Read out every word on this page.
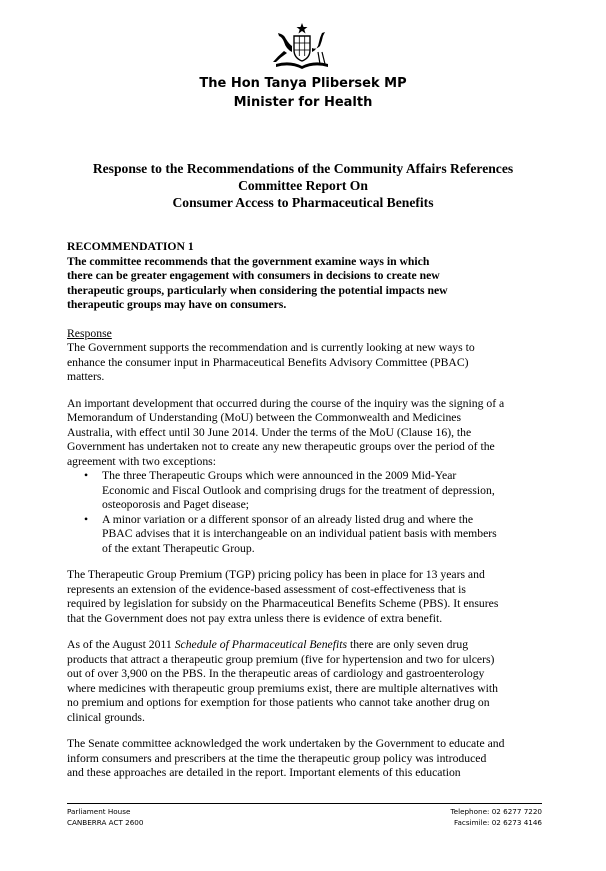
The Hon Tanya Plibersek MP
Minister for Health
Response to the Recommendations of the Community Affairs References
Committee Report On
Consumer Access to Pharmaceutical Benefits

RECOMMENDATION 1

The committee recommends that the government examine ways in which

there can be greater engagement with consumers in decisions to create new

therapeutic groups, particularly when considering the potential impacts new

therapeutic groups may have on consumers.

Response

The Government supports the recommendation and is currently looking at new ways to

enhance the consumer input in Pharmaceutical Benefits Advisory Committee (PBAC)

matters.

An important development that occurred during the course of the inquiry was the signing of a

Memorandum of Understanding (MoU) between the Commonwealth and Medicines

Australia, with effect until 30 June 2014. Under the terms of the MoU (Clause 16), the

Government has undertaken not to create any new therapeutic groups over the period of the

agreement with two exceptions:

• The three Therapeutic Groups which were announced in the 2009 Mid-Year
Economic and Fiscal Outlook and comprising drugs for the treatment of depression,
osteoporosis and Paget disease;
• A minor variation or a different sponsor of an already listed drug and where the
PBAC advises that it is interchangeable on an individual patient basis with members
of the extant Therapeutic Group.

The Therapeutic Group Premium (TGP) pricing policy has been in place for 13 years and

represents an extension of the evidence-based assessment of cost-effectiveness that is

required by legislation for subsidy on the Pharmaceutical Benefits Scheme (PBS). It ensures

that the Government does not pay extra unless there is evidence of extra benefit.

As of the August 2011 Schedule of Pharmaceutical Benefits there are only seven drug

products that attract a therapeutic group premium (five for hypertension and two for ulcers)

out of over 3,900 on the PBS. In the therapeutic areas of cardiology and gastroenterology

where medicines with therapeutic group premiums exist, there are multiple alternatives with

no premium and options for exemption for those patients who cannot take another drug on

clinical grounds.

The Senate committee acknowledged the work undertaken by the Government to educate and

inform consumers and prescribers at the time the therapeutic group policy was introduced

and these approaches are detailed in the report. Important elements of this education

Parliament House
CANBERRA ACT 2600
Telephone: 02 6277 7220
Facsimile: 02 6273 4146
